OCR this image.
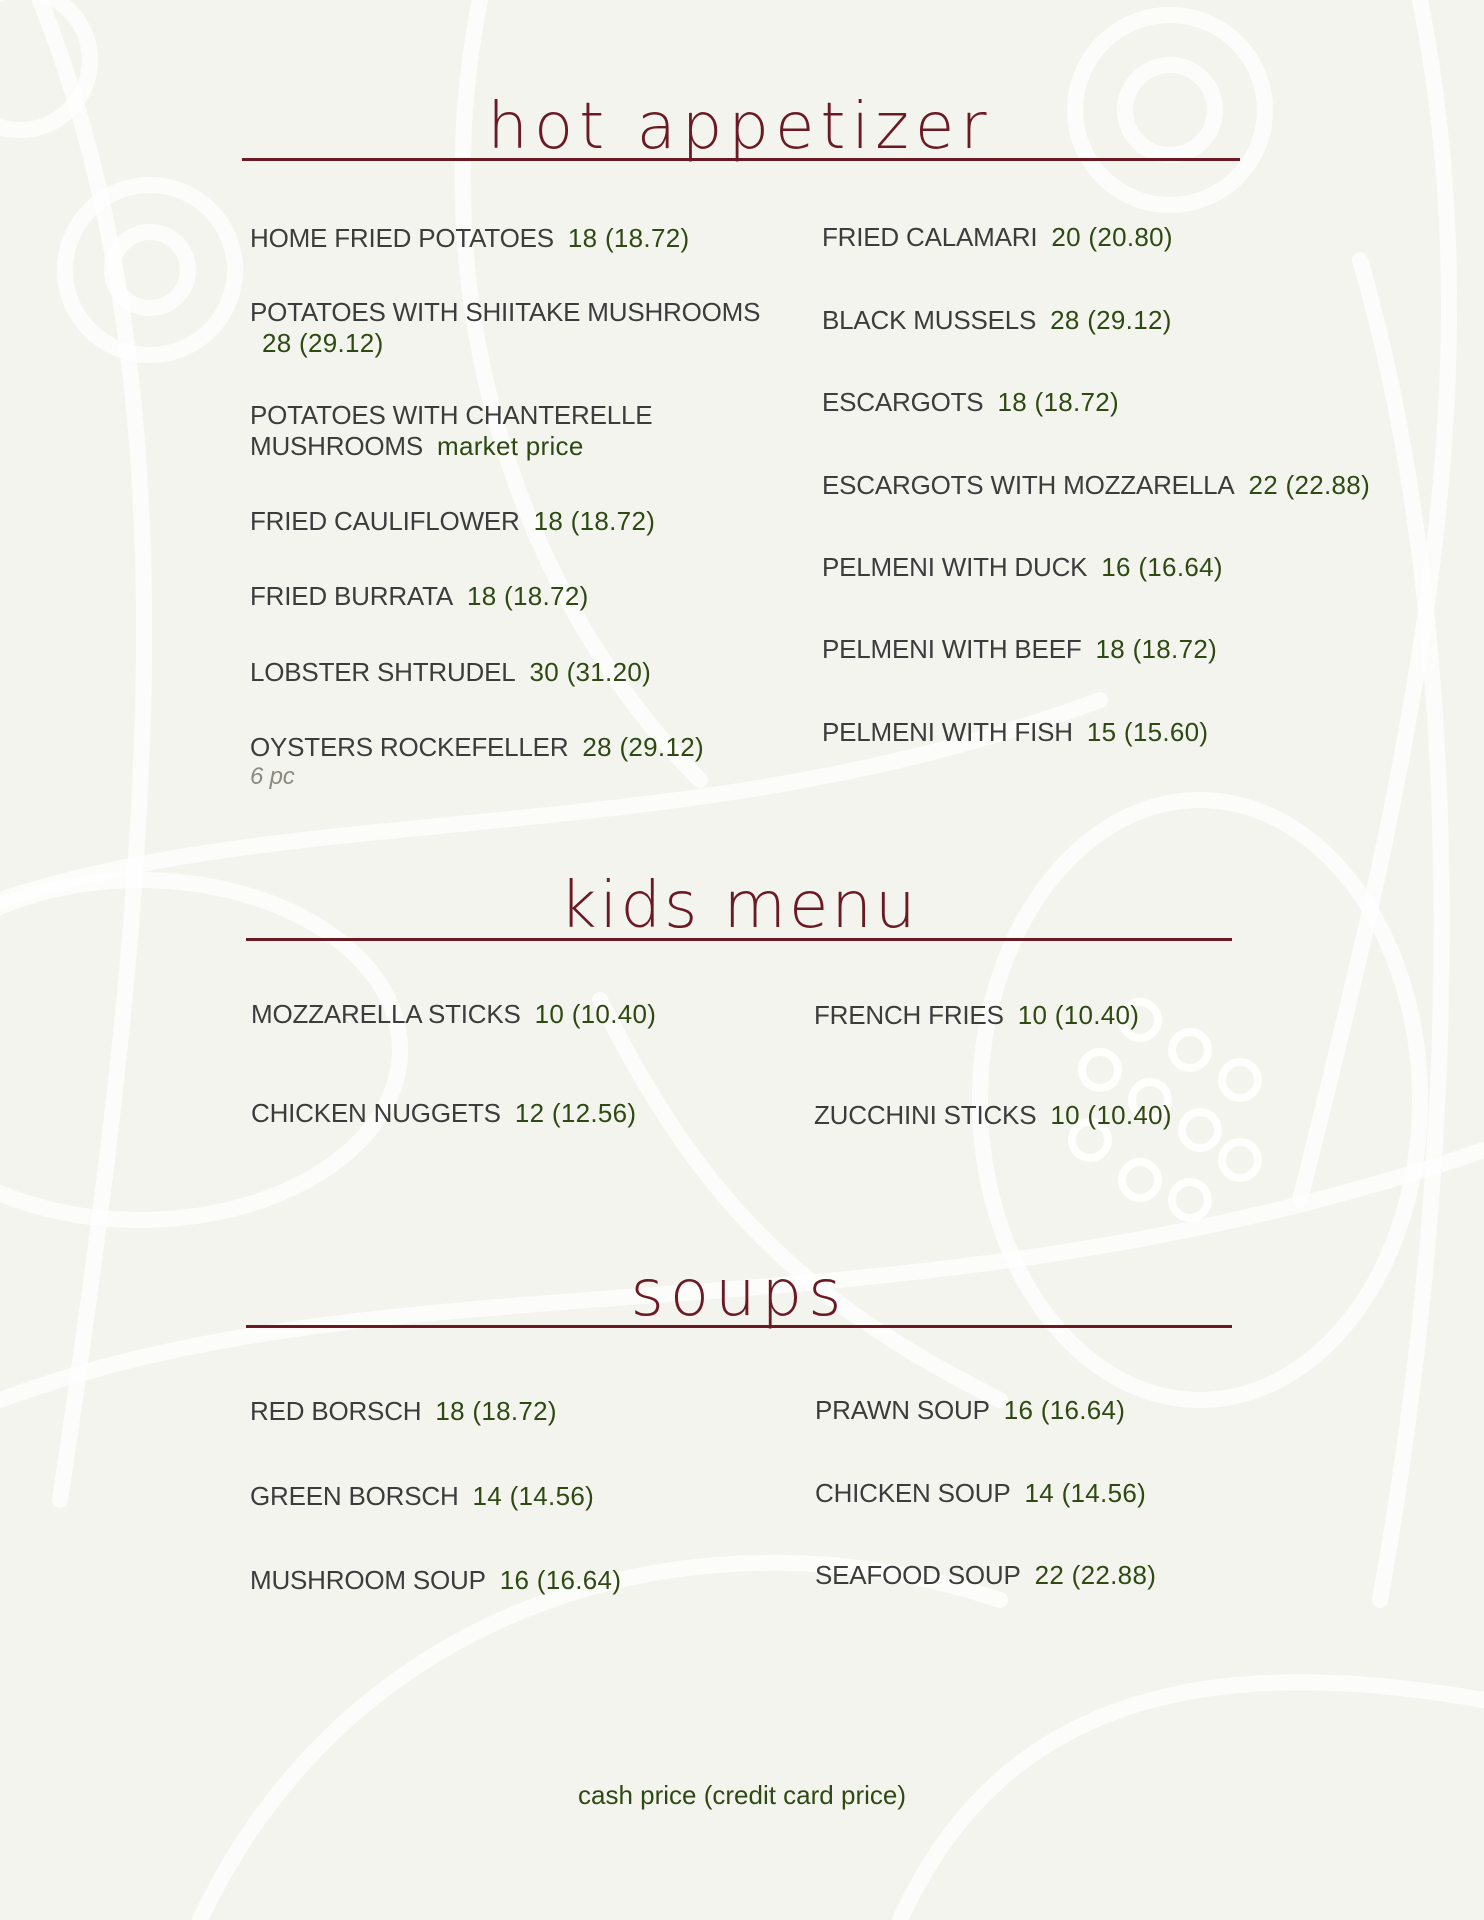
hot appetizer
HOME FRIED POTATOES 18 (18.72)
POTATOES WITH SHIITAKE MUSHROOMS
28 (29.12)
POTATOES WITH CHANTERELLE MUSHROOMS market price
FRIED CAULIFLOWER 18 (18.72)
FRIED BURRATA 18 (18.72)
LOBSTER SHTRUDEL 30 (31.20)
OYSTERS ROCKEFELLER 28 (29.12)
6 pc
FRIED CALAMARI 20 (20.80)
BLACK MUSSELS 28 (29.12)
ESCARGOTS 18 (18.72)
ESCARGOTS WITH MOZZARELLA 22 (22.88)
PELMENI WITH DUCK 16 (16.64)
PELMENI WITH BEEF 18 (18.72)
PELMENI WITH FISH 15 (15.60)
kids menu
MOZZARELLA STICKS 10 (10.40)
CHICKEN NUGGETS 12 (12.56)
FRENCH FRIES 10 (10.40)
ZUCCHINI STICKS 10 (10.40)
soups
RED BORSCH 18 (18.72)
GREEN BORSCH 14 (14.56)
MUSHROOM SOUP 16 (16.64)
PRAWN SOUP 16 (16.64)
CHICKEN SOUP 14 (14.56)
SEAFOOD SOUP 22 (22.88)
cash price (credit card price)
